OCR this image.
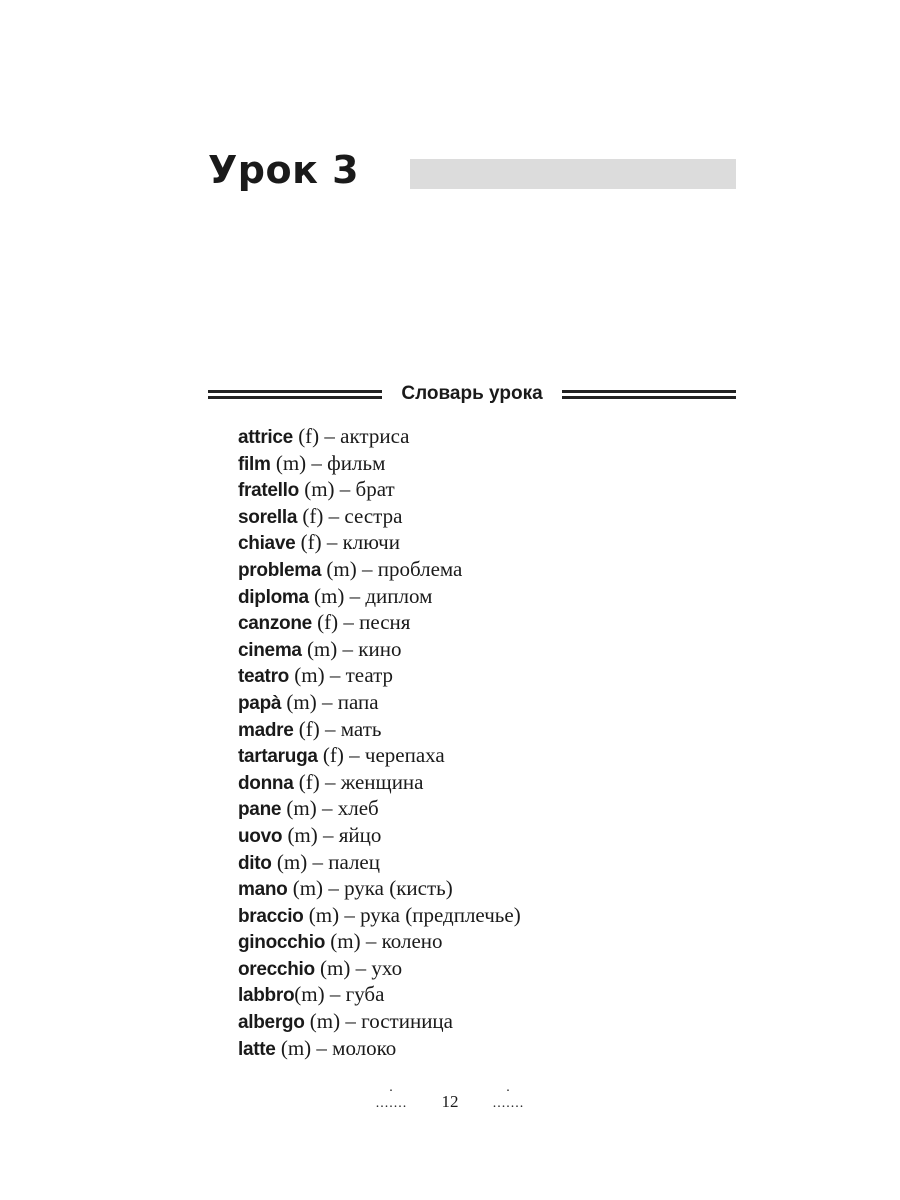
Урок 3
Словарь урока
attrice (f) – актриса
film (m) – фильм
fratello (m) – брат
sorella (f) – сестра
chiave (f) – ключи
problema (m) – проблема
diploma (m) – диплом
canzone (f) – песня
cinema (m) – кино
teatro (m) – театр
papà (m) – папа
madre (f) – мать
tartaruga (f) – черепаха
donna (f) – женщина
pane (m) – хлеб
uovo (m) – яйцо
dito (m) – палец
mano (m) – рука (кисть)
braccio (m) – рука (предплечье)
ginocchio (m) – колено
orecchio (m) – ухо
labbro(m) – губа
albergo (m) – гостиница
latte (m) – молоко
. ....... 12. .......
